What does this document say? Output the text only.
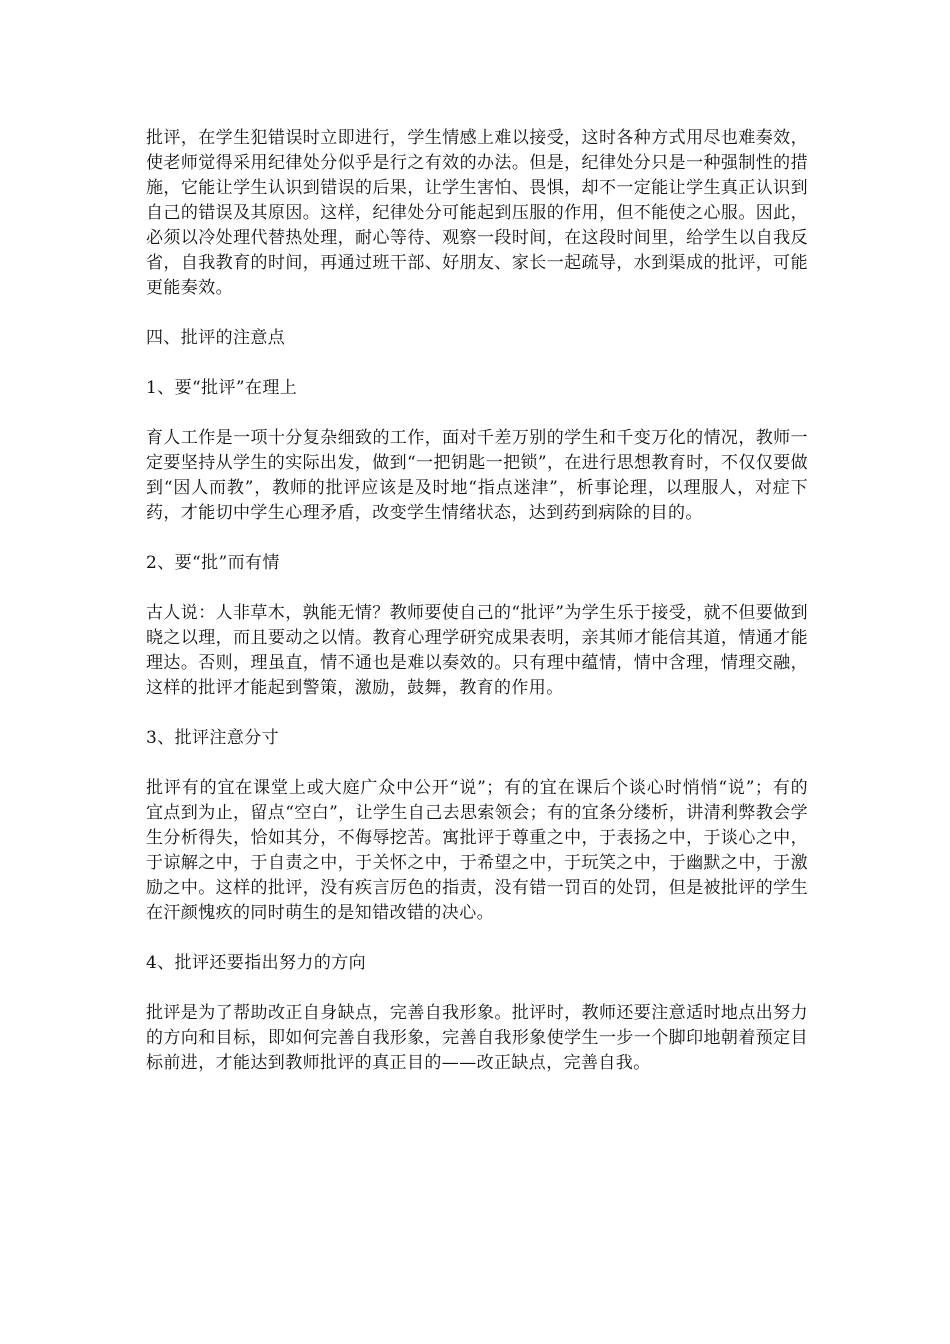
批评，在学生犯错误时立即进行，学生情感上难以接受，这时各种方式用尽也难奏效，使老师觉得采用纪律处分似乎是行之有效的办法。但是，纪律处分只是一种强制性的措施，它能让学生认识到错误的后果，让学生害怕、畏惧，却不一定能让学生真正认识到自己的错误及其原因。这样，纪律处分可能起到压服的作用，但不能使之心服。因此，必须以冷处理代替热处理，耐心等待、观察一段时间，在这段时间里，给学生以自我反省，自我教育的时间，再通过班干部、好朋友、家长一起疏导，水到渠成的批评，可能更能奏效。

四、批评的注意点

1、要“批评”在理上

育人工作是一项十分复杂细致的工作，面对千差万别的学生和千变万化的情况，教师一定要坚持从学生的实际出发，做到“一把钥匙一把锁”，在进行思想教育时，不仅仅要做到“因人而教”，教师的批评应该是及时地“指点迷津”，析事论理，以理服人，对症下药，才能切中学生心理矛盾，改变学生情绪状态，达到药到病除的目的。

2、要“批”而有情

古人说：人非草木，孰能无情？教师要使自己的“批评”为学生乐于接受，就不但要做到晓之以理，而且要动之以情。教育心理学研究成果表明，亲其师才能信其道，情通才能理达。否则，理虽直，情不通也是难以奏效的。只有理中蕴情，情中含理，情理交融，这样的批评才能起到警策，激励，鼓舞，教育的作用。

3、批评注意分寸

批评有的宜在课堂上或大庭广众中公开“说”；有的宜在课后个谈心时悄悄“说”；有的宜点到为止，留点“空白”，让学生自己去思索领会；有的宜条分缕析，讲清利弊教会学生分析得失，恰如其分，不侮辱挖苦。寓批评于尊重之中，于表扬之中，于谈心之中，于谅解之中，于自责之中，于关怀之中，于希望之中，于玩笑之中，于幽默之中，于激励之中。这样的批评，没有疾言厉色的指责，没有错一罚百的处罚，但是被批评的学生在汗颜愧疚的同时萌生的是知错改错的决心。

4、批评还要指出努力的方向

批评是为了帮助改正自身缺点，完善自我形象。批评时，教师还要注意适时地点出努力的方向和目标，即如何完善自我形象，完善自我形象使学生一步一个脚印地朝着预定目标前进，才能达到教师批评的真正目的——改正缺点，完善自我。
